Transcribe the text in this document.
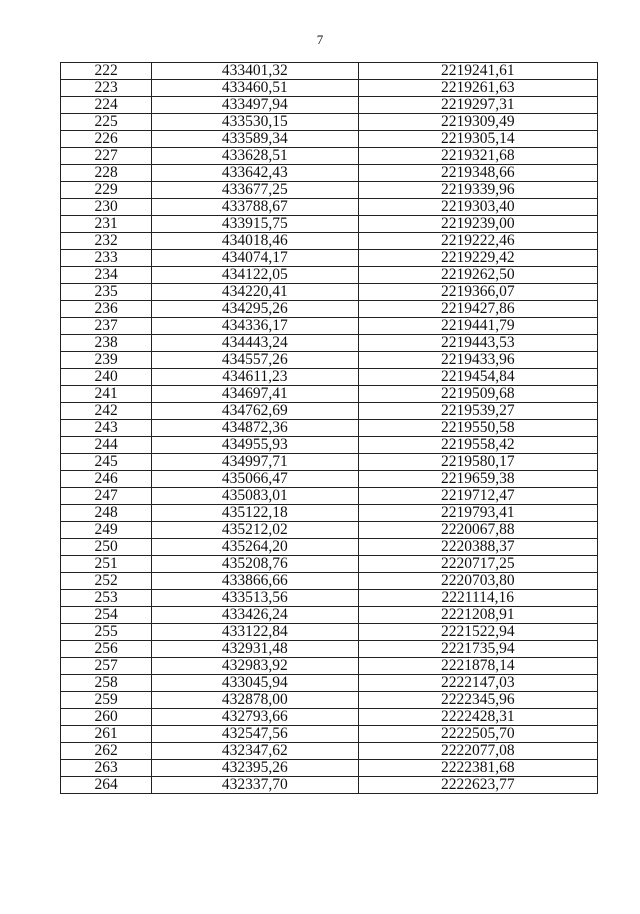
7
222	433401,32	2219241,61
223	433460,51	2219261,63
224	433497,94	2219297,31
225	433530,15	2219309,49
226	433589,34	2219305,14
227	433628,51	2219321,68
228	433642,43	2219348,66
229	433677,25	2219339,96
230	433788,67	2219303,40
231	433915,75	2219239,00
232	434018,46	2219222,46
233	434074,17	2219229,42
234	434122,05	2219262,50
235	434220,41	2219366,07
236	434295,26	2219427,86
237	434336,17	2219441,79
238	434443,24	2219443,53
239	434557,26	2219433,96
240	434611,23	2219454,84
241	434697,41	2219509,68
242	434762,69	2219539,27
243	434872,36	2219550,58
244	434955,93	2219558,42
245	434997,71	2219580,17
246	435066,47	2219659,38
247	435083,01	2219712,47
248	435122,18	2219793,41
249	435212,02	2220067,88
250	435264,20	2220388,37
251	435208,76	2220717,25
252	433866,66	2220703,80
253	433513,56	2221114,16
254	433426,24	2221208,91
255	433122,84	2221522,94
256	432931,48	2221735,94
257	432983,92	2221878,14
258	433045,94	2222147,03
259	432878,00	2222345,96
260	432793,66	2222428,31
261	432547,56	2222505,70
262	432347,62	2222077,08
263	432395,26	2222381,68
264	432337,70	2222623,77
